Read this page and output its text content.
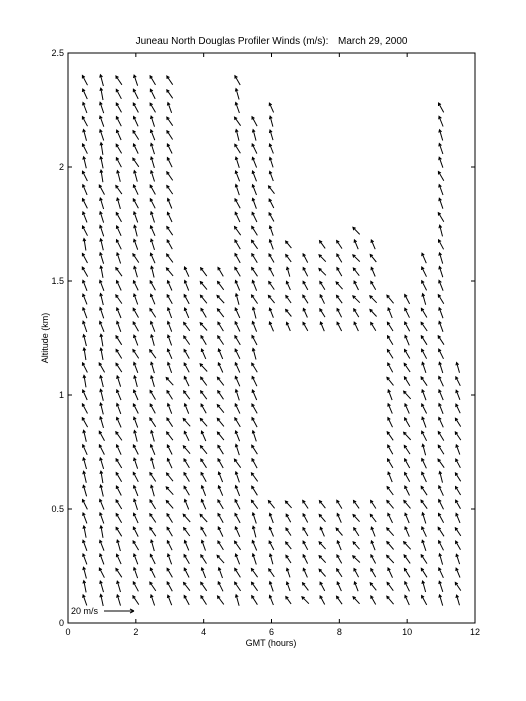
Juneau North Douglas Profiler Winds (m/s): March 29, 2000
0	2	4	6	8	10	12
0
0.5
1
1.5
2
2.5
GMT (hours)
Altitude (km)
20 m/s
